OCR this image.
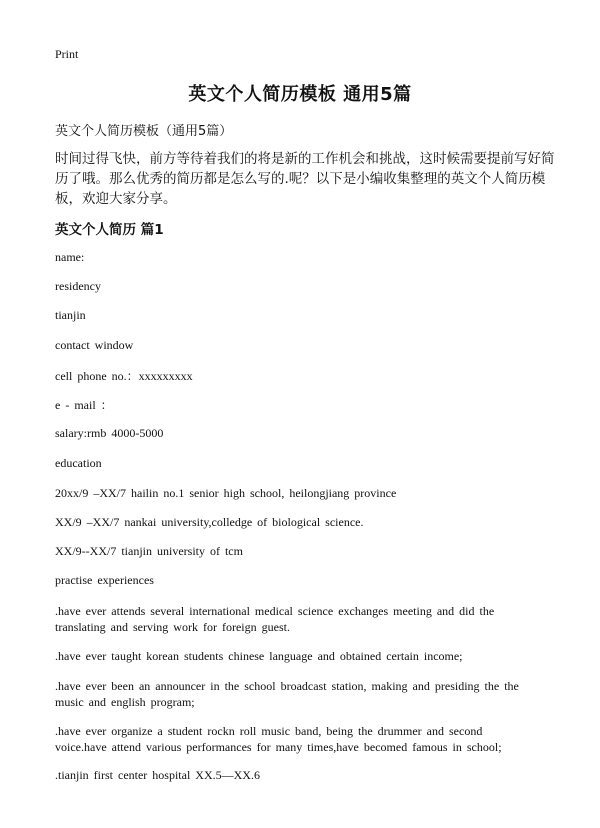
Print
英文个人简历模板 通用5篇
英文个人简历模板（通用5篇）
时间过得飞快，前方等待着我们的将是新的工作机会和挑战，这时候需要提前写好简历了哦。那么优秀的简历都是怎么写的.呢？以下是小编收集整理的英文个人简历模板，欢迎大家分享。
英文个人简历 篇1
name:
residency
tianjin
contact window
cell phone no.：xxxxxxxxx
e - mail ：
salary:rmb 4000-5000
education
20xx/9 –XX/7 hailin no.1 senior high school, heilongjiang province
XX/9 –XX/7 nankai university,colledge of biological science.
XX/9--XX/7 tianjin university of tcm
practise experiences
.have ever attends several international medical science exchanges meeting and did the translating and serving work for foreign guest.
.have ever taught korean students chinese language and obtained certain income;
.have ever been an announcer in the school broadcast station, making and presiding the the music and english program;
.have ever organize a student rockn roll music band, being the drummer and second voice.have attend various performances for many times,have becomed famous in school;
.tianjin first center hospital XX.5—XX.6
